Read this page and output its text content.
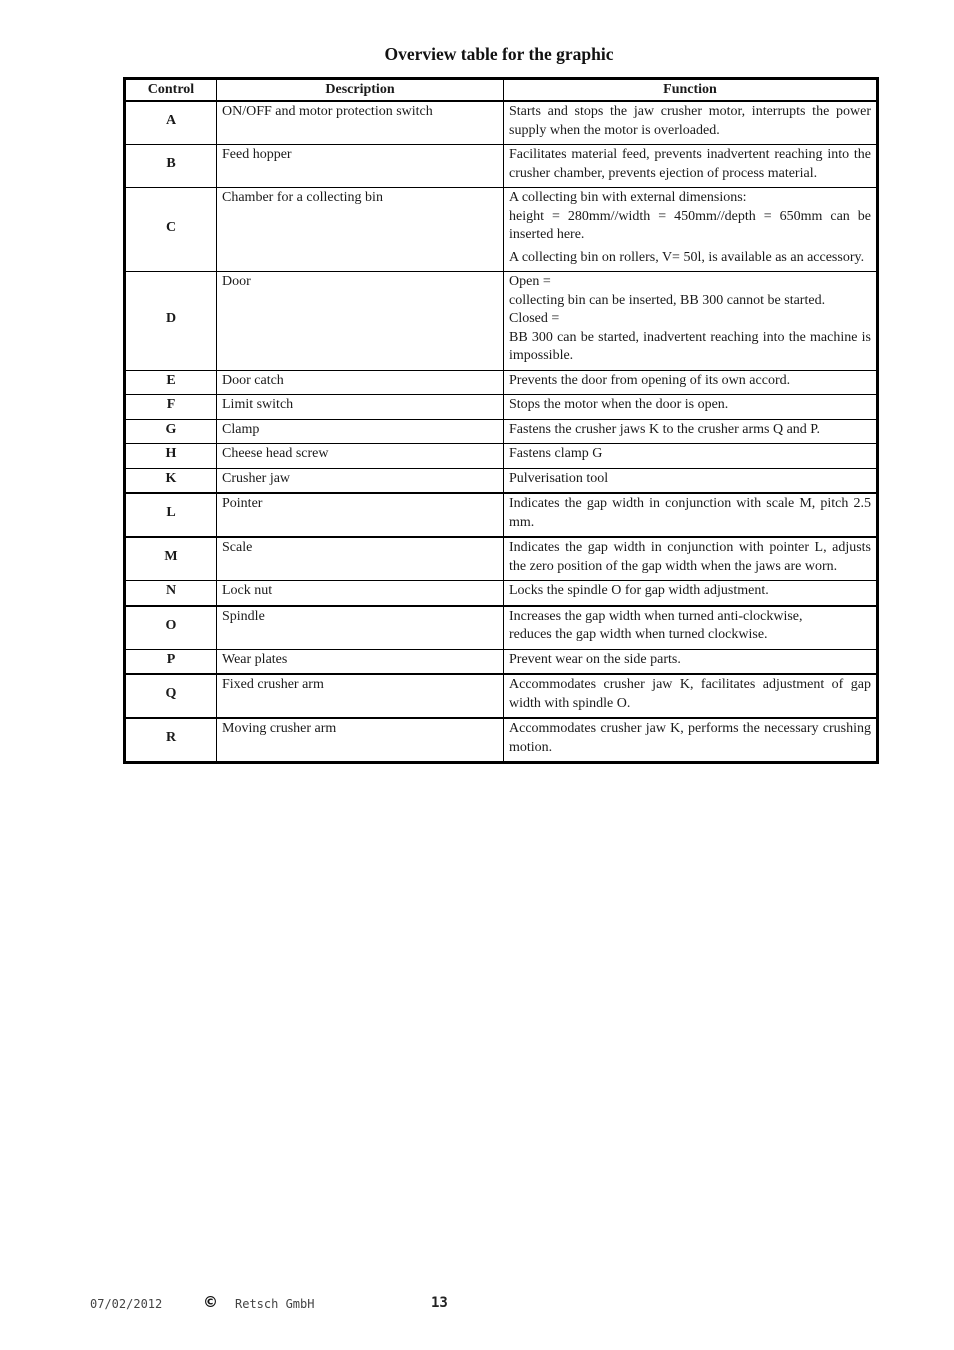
Overview table for the graphic
Control	Description	Function
A	ON/OFF and motor protection switch	Starts and stops the jaw crusher motor, interrupts the power supply when the motor is overloaded.

B	Feed hopper	Facilitates material feed, prevents inadvertent reaching into the crusher chamber, prevents ejection of process material.

C	Chamber for a collecting bin	A collecting bin with external dimensions:
height = 280mm//width = 450mm//depth = 650mm can be inserted here.
A collecting bin on rollers, V= 50l, is available as an accessory.

D	Door	Open =
collecting bin can be inserted, BB 300 cannot be started.
Closed =
BB 300 can be started, inadvertent reaching into the machine is impossible.

E	Door catch	Prevents the door from opening of its own accord.

F	Limit switch	Stops the motor when the door is open.

G	Clamp	Fastens the crusher jaws K to the crusher arms Q and P.

H	Cheese head screw	Fastens clamp G

K	Crusher jaw	Pulverisation tool

L	Pointer	Indicates the gap width in conjunction with scale M, pitch 2.5 mm.

M	Scale	Indicates the gap width in conjunction with pointer L, adjusts the zero position of the gap width when the jaws are worn.

N	Lock nut	Locks the spindle O for gap width adjustment.

O	Spindle	Increases the gap width when turned anti-clockwise,
reduces the gap width when turned clockwise.

P	Wear plates	Prevent wear on the side parts.

Q	Fixed crusher arm	Accommodates crusher jaw K, facilitates adjustment of gap width with spindle O.

R	Moving crusher arm	Accommodates crusher jaw K, performs the necessary crushing motion.
07/02/2012	© Retsch GmbH	13
